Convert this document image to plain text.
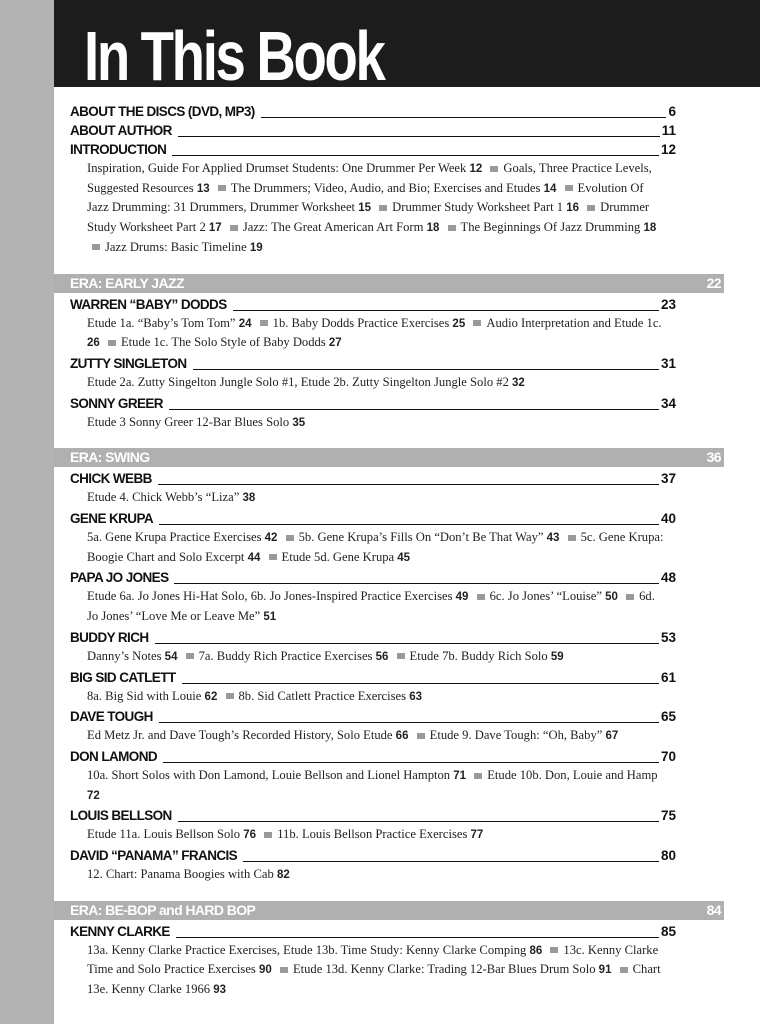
In This Book
ABOUT THE DISCS (DVD, MP3)	6
ABOUT AUTHOR	11
INTRODUCTION	12
Inspiration, Guide For Applied Drumset Students: One Drummer Per Week 12 Goals, Three Practice Levels, Suggested Resources 13 The Drummers; Video, Audio, and Bio; Exercises and Etudes 14 Evolution Of Jazz Drumming: 31 Drummers, Drummer Worksheet 15 Drummer Study Worksheet Part 1 16 Drummer Study Worksheet Part 2 17 Jazz: The Great American Art Form 18 The Beginnings Of Jazz Drumming 18 Jazz Drums: Basic Timeline 19
ERA: EARLY JAZZ	22
WARREN “BABY” DODDS	23
Etude 1a. “Baby’s Tom Tom” 24 1b. Baby Dodds Practice Exercises 25 Audio Interpretation and Etude 1c. 26 Etude 1c. The Solo Style of Baby Dodds 27
ZUTTY SINGLETON	31
Etude 2a. Zutty Singelton Jungle Solo #1, Etude 2b. Zutty Singelton Jungle Solo #2 32
SONNY GREER	34
Etude 3 Sonny Greer 12-Bar Blues Solo 35
ERA: SWING	36
CHICK WEBB	37
Etude 4. Chick Webb’s “Liza” 38
GENE KRUPA	40
5a. Gene Krupa Practice Exercises 42 5b. Gene Krupa’s Fills On “Don’t Be That Way” 43 5c. Gene Krupa: Boogie Chart and Solo Excerpt 44 Etude 5d. Gene Krupa 45
PAPA JO JONES	48
Etude 6a. Jo Jones Hi-Hat Solo, 6b. Jo Jones-Inspired Practice Exercises 49 6c. Jo Jones’ “Louise” 50 6d. Jo Jones’ “Love Me or Leave Me” 51
BUDDY RICH	53
Danny’s Notes 54 7a. Buddy Rich Practice Exercises 56 Etude 7b. Buddy Rich Solo 59
BIG SID CATLETT	61
8a. Big Sid with Louie 62 8b. Sid Catlett Practice Exercises 63
DAVE TOUGH	65
Ed Metz Jr. and Dave Tough’s Recorded History, Solo Etude 66 Etude 9. Dave Tough: “Oh, Baby” 67
DON LAMOND	70
10a. Short Solos with Don Lamond, Louie Bellson and Lionel Hampton 71 Etude 10b. Don, Louie and Hamp 72
LOUIS BELLSON	75
Etude 11a. Louis Bellson Solo 76 11b. Louis Bellson Practice Exercises 77
DAVID “PANAMA” FRANCIS	80
12. Chart: Panama Boogies with Cab 82
ERA: BE-BOP and HARD BOP	84
KENNY CLARKE	85
13a. Kenny Clarke Practice Exercises, Etude 13b. Time Study: Kenny Clarke Comping 86 13c. Kenny Clarke Time and Solo Practice Exercises 90 Etude 13d. Kenny Clarke: Trading 12-Bar Blues Drum Solo 91 Chart 13e. Kenny Clarke 1966 93
